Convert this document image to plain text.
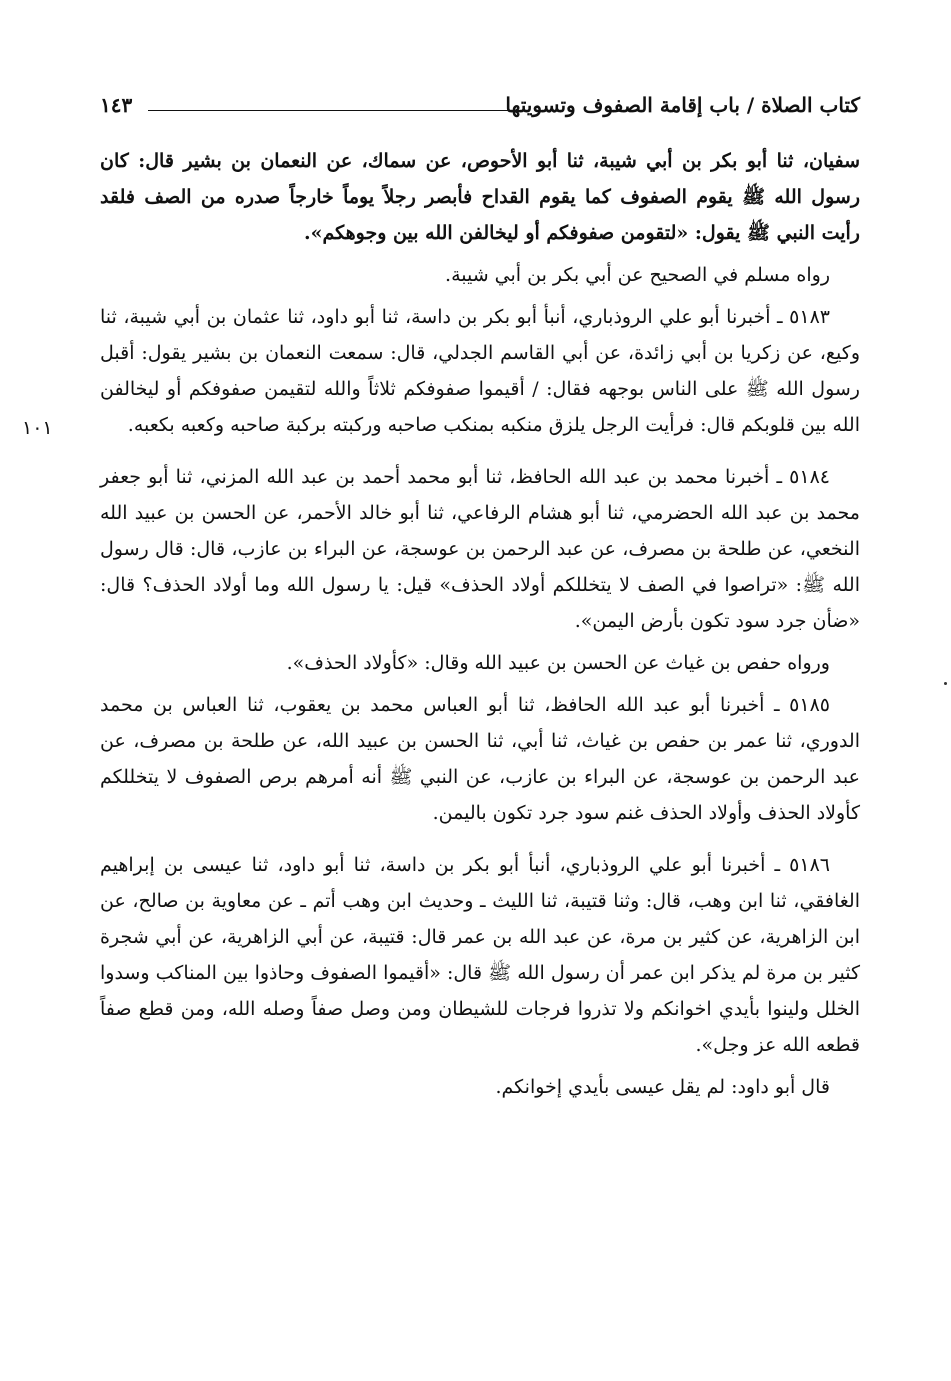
كتاب الصلاة / باب إقامة الصفوف وتسويتها
١٤٣
١٠١

سفيان، ثنا أبو بكر بن أبي شيبة، ثنا أبو الأحوص، عن سماك، عن النعمان بن بشير قال: كان رسول الله ﷺ يقوم الصفوف كما يقوم القداح فأبصر رجلاً يوماً خارجاً صدره من الصف فلقد رأيت النبي ﷺ يقول: «لتقومن صفوفكم أو ليخالفن الله بين وجوهكم».

رواه مسلم في الصحيح عن أبي بكر بن أبي شيبة.

٥١٨٣ ـ أخبرنا أبو علي الروذباري، أنبأ أبو بكر بن داسة، ثنا أبو داود، ثنا عثمان بن أبي شيبة، ثنا وكيع، عن زكريا بن أبي زائدة، عن أبي القاسم الجدلي، قال: سمعت النعمان بن بشير يقول: أقبل رسول الله ﷺ على الناس بوجهه فقال: / أقيموا صفوفكم ثلاثاً والله لتقيمن صفوفكم أو ليخالفن الله بين قلوبكم قال: فرأيت الرجل يلزق منكبه بمنكب صاحبه وركبته بركبة صاحبه وكعبه بكعبه.

٥١٨٤ ـ أخبرنا محمد بن عبد الله الحافظ، ثنا أبو محمد أحمد بن عبد الله المزني، ثنا أبو جعفر محمد بن عبد الله الحضرمي، ثنا أبو هشام الرفاعي، ثنا أبو خالد الأحمر، عن الحسن بن عبيد الله النخعي، عن طلحة بن مصرف، عن عبد الرحمن بن عوسجة، عن البراء بن عازب، قال: قال رسول الله ﷺ: «تراصوا في الصف لا يتخللكم أولاد الحذف» قيل: يا رسول الله وما أولاد الحذف؟ قال: «ضأن جرد سود تكون بأرض اليمن».

ورواه حفص بن غياث عن الحسن بن عبيد الله وقال: «كأولاد الحذف».

٥١٨٥ ـ أخبرنا أبو عبد الله الحافظ، ثنا أبو العباس محمد بن يعقوب، ثنا العباس بن محمد الدوري، ثنا عمر بن حفص بن غياث، ثنا أبي، ثنا الحسن بن عبيد الله، عن طلحة بن مصرف، عن عبد الرحمن بن عوسجة، عن البراء بن عازب، عن النبي ﷺ أنه أمرهم برص الصفوف لا يتخللكم كأولاد الحذف وأولاد الحذف غنم سود جرد تكون باليمن.

٥١٨٦ ـ أخبرنا أبو علي الروذباري، أنبأ أبو بكر بن داسة، ثنا أبو داود، ثنا عيسى بن إبراهيم الغافقي، ثنا ابن وهب، قال: وثنا قتيبة، ثنا الليث ـ وحديث ابن وهب أتم ـ عن معاوية بن صالح، عن ابن الزاهرية، عن كثير بن مرة، عن عبد الله بن عمر قال: قتيبة، عن أبي الزاهرية، عن أبي شجرة كثير بن مرة لم يذكر ابن عمر أن رسول الله ﷺ قال: «أقيموا الصفوف وحاذوا بين المناكب وسدوا الخلل ولينوا بأيدي اخوانكم ولا تذروا فرجات للشيطان ومن وصل صفاً وصله الله، ومن قطع صفاً قطعه الله عز وجل».

قال أبو داود: لم يقل عيسى بأيدي إخوانكم.
